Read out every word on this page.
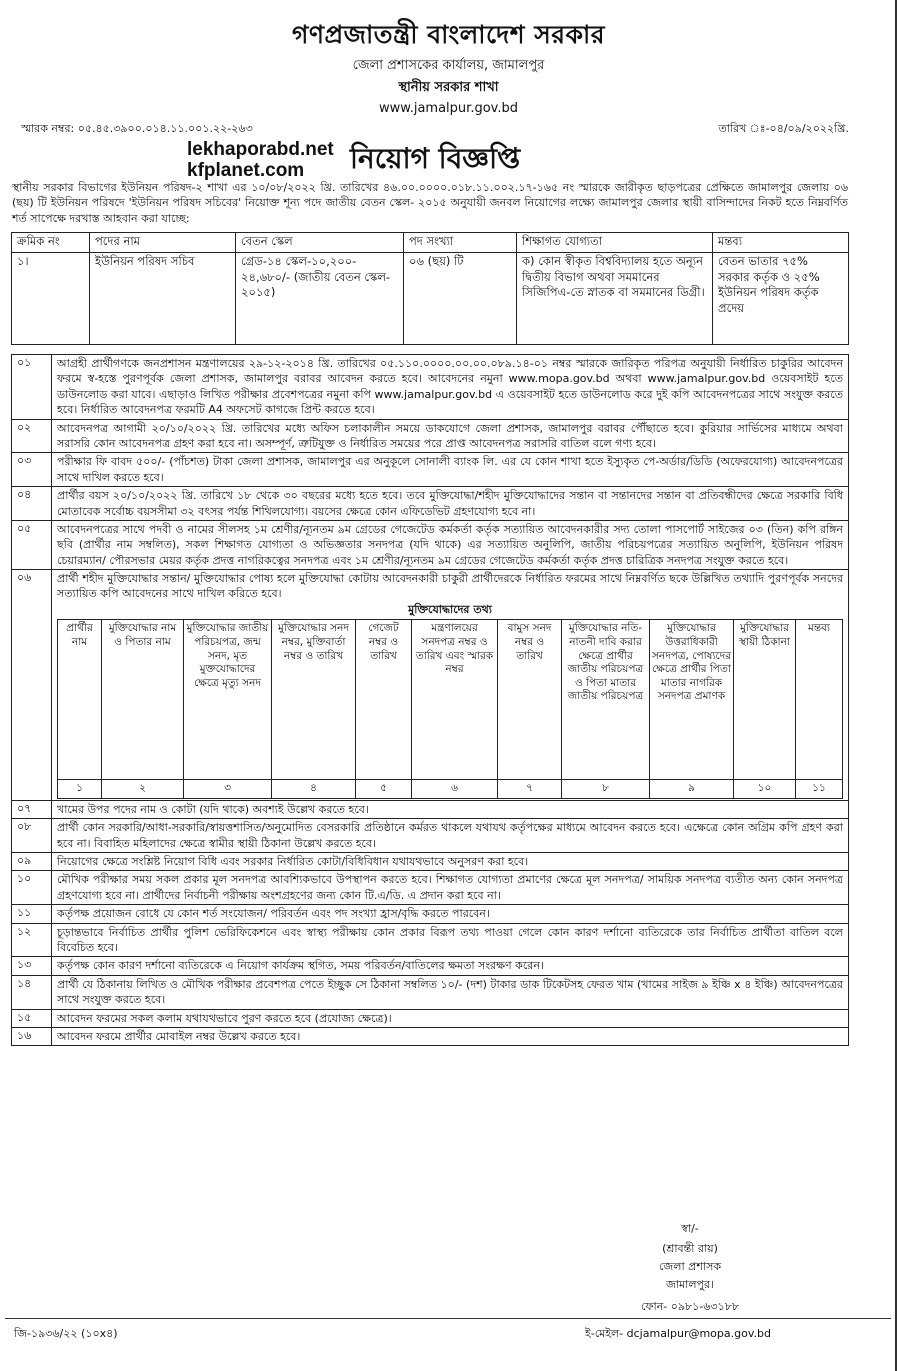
গণপ্রজাতন্ত্রী বাংলাদেশ সরকার
জেলা প্রশাসকের কার্যালয়, জামালপুর
স্থানীয় সরকার শাখা
www.jamalpur.gov.bd
স্মারক নম্বর: ০৫.৪৫.৩৯০০.০১৪.১১.০০১.২২-২৬৩	তারিখ ঃ-০৪/০৯/২০২২খ্রি.
lekhaporabd.net
kfplanet.com নিয়োগ বিজ্ঞপ্তি
স্থানীয় সরকার বিভাগের ইউনিয়ন পরিষদ-২ শাখা এর ১০/০৮/২০২২ খ্রি. তারিখের ৪৬.০০.০০০০.০১৮.১১.০০২.১৭-১৬৫ নং স্মারকে জারীকৃত ছাড়পত্রের প্রেক্ষিতে জামালপুর জেলায় ০৬ (ছয়) টি ইউনিয়ন পরিষদে 'ইউনিয়ন পরিষদ সচিবের' নিয়োক্ত শূন্য পদে জাতীয় বেতন স্কেল- ২০১৫ অনুযায়ী জনবল নিয়োগের লক্ষ্যে জামালপুর জেলার স্থায়ী বাসিন্দাদের নিকট হতে নিম্নবর্ণিত শর্ত সাপেক্ষে দরখাস্ত আহবান করা যাচ্ছে:
ক্রমিক নং	পদের নাম	বেতন স্কেল	পদ সংখ্যা	শিক্ষাগত যোগ্যতা	মন্তব্য
১।	ইউনিয়ন পরিষদ সচিব	গ্রেড-১৪ স্কেল-১০,২০০- ২৪,৬৮০/- (জাতীয় বেতন স্কেল- ২০১৫)	০৬ (ছয়) টি	ক) কোন স্বীকৃত বিশ্ববিদ্যালয় হতে অন্যূন দ্বিতীয় বিভাগ অথবা সমমানের সিজিপিএ-তে স্নাতক বা সমমানের ডিগ্রী।	বেতন ভাতার ৭৫% সরকার কর্তৃক ও ২৫% ইউনিয়ন পরিষদ কর্তৃক প্রদেয়
০১	আগ্রহী প্রার্থীগণকে জনপ্রশাসন মন্ত্রণালয়ের ২৯-১২-২০১৪ খ্রি. তারিখের ০৫.১১০.০০০০.০০.০০.০৮৯.১৪-০১ নম্বর স্মারকে জারিকৃত পরিপত্র অনুযায়ী নির্ধারিত চাকুরির আবেদন ফরমে স্ব-হস্তে পুরণপূর্বক জেলা প্রশাসক, জামালপুর বরাবর আবেদন করতে হবে। আবেদনের নমুনা www.mopa.gov.bd অথবা www.jamalpur.gov.bd ওয়েবসাইট হতে ডাউনলোড করা যাবে। এছাড়াও লিখিত পরীক্ষার প্রবেশপত্রের নমুনা কপি www.jamalpur.gov.bd এ ওয়েবসাইট হতে ডাউনলোড করে দুই কপি আবেদনপত্রের সাথে সংযুক্ত করতে হবে। নির্ধারিত আবেদনপত্র ফরমটি A4 অফসেট কাগজে প্রিন্ট করতে হবে।
০২	আবেদনপত্র আগামী ২০/১০/২০২২ খ্রি. তারিখের মধ্যে অফিস চলাকালীন সময়ে ডাকযোগে জেলা প্রশাসক, জামালপুর বরাবর পৌঁছাতে হবে। কুরিয়ার সার্ভিসের মাধ্যমে অথবা সরাসরি কোন আবেদনপত্র গ্রহণ করা হবে না। অসম্পূর্ণ, ত্রুটিযুক্ত ও নির্ধারিত সময়ের পরে প্রাপ্ত আবেদনপত্র সরাসরি বাতিল বলে গণ্য হবে।
০৩	পরীক্ষার ফি বাবদ ৫০০/- (পাঁচশত) টাকা জেলা প্রশাসক, জামালপুর এর অনুকূলে সোনালী ব্যাংক লি. এর যে কোন শাখা হতে ইস্যুকৃত পে-অর্ডার/ডিডি (অফেরযোগ্য) আবেদনপত্রের সাথে দাখিল করতে হবে।
০৪	প্রার্থীর বয়স ২০/১০/২০২২ খ্রি. তারিখে ১৮ থেকে ৩০ বছরের মধ্যে হতে হবে। তবে মুক্তিযোদ্ধা/শহীদ মুক্তিযোদ্ধাদের সন্তান বা সন্তানদের সন্তান বা প্রতিবন্ধীদের ক্ষেত্রে সরকারি বিধি মোতাবেক সর্বোচ্চ বয়সসীমা ৩২ বৎসর পর্যন্ত শিথিলযোগ্য। বয়সের ক্ষেত্রে কোন এফিডেভিট গ্রহণযোগ্য হবে না।
০৫	আবেদনপত্রের সাথে পদবী ও নামের সীলসহ ১ম শ্রেণীর/ন্যূনতম ৯ম গ্রেডের গেজেটেড কর্মকর্তা কর্তৃক সত্যায়িত আবেদনকারীর সদ্য তোলা পাসপোর্ট সাইজের ০৩ (তিন) কপি রঙ্গিন ছবি (প্রার্থীর নাম সম্বলিত), সকল শিক্ষাগত যোগ্যতা ও অভিজ্ঞতার সনদপত্র (যদি থাকে) এর সত্যায়িত অনুলিপি, জাতীয় পরিচয়পত্রের সত্যায়িত অনুলিপি, ইউনিয়ন পরিষদ চেয়ারম্যান/ পৌরসভার মেয়র কর্তৃক প্রদত্ত নাগরিকত্বের সনদপত্র এবং ১ম শ্রেণীর/ন্যূনতম ৯ম গ্রেডের গেজেটেড কর্মকর্তা কর্তৃক প্রদত্ত চারিত্রিক সনদপত্র সংযুক্ত করতে হবে।
০৬	প্রার্থী শহীদ মুক্তিযোদ্ধার সন্তান/ মুক্তিযোদ্ধার পোষ্য হলে মুক্তিযোদ্ধা কোটায় আবেদনকারী চাকুরী প্রার্থীদেরকে নির্ধারিত ফরমের সাথে নিম্নবর্ণিত ছকে উল্লিখিত তথ্যাদি পুরণপূর্বক সনদের সত্যায়িত কপি আবেদনের সাথে দাখিল করিতে হবে।
মুক্তিযোদ্ধাদের তথ্য
প্রার্থীর নাম	মুক্তিযোদ্ধার নাম ও পিতার নাম	মুক্তিযোদ্ধার জাতীয় পরিচয়পত্র, জন্ম সনদ, মৃত মুক্তযোদ্ধাদের ক্ষেত্রে মৃত্যু সনদ	মুক্তিযোদ্ধার সনদ নম্বর, মুক্তিবার্তা নম্বর ও তারিখ	গেজেট নম্বর ও তারিখ	মন্ত্রণালয়ের সনদপত্র নম্বর ও তারিখ এবং স্মারক নম্বর	বামুস সনদ নম্বর ও তারিখ	মুক্তিযোদ্ধার নতি-নাতনী দাবি করার ক্ষেত্রে প্রার্থীর জাতীয় পরিচয়পত্র ও পিতা মাতার জাতীয় পরিচয়পত্র	মুক্তিযোদ্ধার উত্তরাধিকারী সনদপত্র, পোষ্যদের ক্ষেত্রে প্রার্থীর পিতা মাতার নাগরিক সনদপত্র প্রমাণক	মুক্তিযোদ্ধার স্থায়ী ঠিকানা	মন্তব্য
১	২	৩	৪	৫	৬	৭	৮	৯	১০	১১

০৭	খামের উপর পদের নাম ও কোটা (যদি থাকে) অবশ্যই উল্লেখ করতে হবে।
০৮	প্রার্থী কোন সরকারি/আধা-সরকারি/স্বায়ত্তশাসিত/অনুমোদিত বেসরকারি প্রতিষ্ঠানে কর্মরত থাকলে যথাযথ কর্তৃপক্ষের মাধ্যমে আবেদন করতে হবে। এক্ষেত্রে কোন অগ্রিম কপি গ্রহণ করা হবে না। বিবাহিত মহিলাদের ক্ষেত্রে স্বামীর স্থায়ী ঠিকানা উল্লেখ করতে হবে।
০৯	নিয়োগের ক্ষেত্রে সংশ্লিষ্ট নিয়োগ বিধি এবং সরকার নির্ধারিত কোটা/বিধিবিধান যথাযথভাবে অনুসরণ করা হবে।
১০	মৌখিক পরীক্ষার সময় সকল প্রকার মূল সনদপত্র আবশ্যিকভাবে উপস্থাপন করতে হবে। শিক্ষাগত যোগ্যতা প্রমাণের ক্ষেত্রে মূল সনদপত্র/ সাময়িক সনদপত্র ব্যতীত অন্য কোন সনদপত্র গ্রহণযোগ্য হবে না। প্রার্থীদের নির্বাচনী পরীক্ষায় অংশগ্রহণের জন্য কোন টি.এ/ডি. এ প্রদান করা হবে না।
১১	কর্তৃপক্ষ প্রয়োজন বোধে যে কোন শর্ত সংযোজন/ পরিবর্তন এবং পদ সংখ্যা হ্রাস/বৃদ্ধি করতে পারবেন।
১২	চূড়ান্তভাবে নির্বাচিত প্রার্থীর পুলিশ ভেরিফিকেশনে এবং স্বাস্থ্য পরীক্ষায় কোন প্রকার বিরূপ তথ্য পাওয়া গেলে কোন কারণ দর্শানো ব্যতিরেকে তার নির্বাচিত প্রার্থীতা বাতিল বলে বিবেচিত হবে।
১৩	কর্তৃপক্ষ কোন কারণ দর্শানো ব্যতিরেকে এ নিয়োগ কার্যক্রম স্থগিত, সময় পরিবর্তন/বাতিলের ক্ষমতা সংরক্ষণ করেন।
১৪	প্রার্থী যে ঠিকানায় লিখিত ও মৌখিক পরীক্ষার প্রবেশপত্র পেতে ইচ্ছুক সে ঠিকানা সম্বলিত ১০/- (দশ) টাকার ডাক টিকেটসহ ফেরত খাম (খামের সাইজ ৯ ইঞ্চি x ৪ ইঞ্চি) আবেদনপত্রের সাথে সংযুক্ত করতে হবে।
১৫	আবেদন ফরমের সকল কলাম যথাযথভাবে পুরণ করতে হবে (প্রযোজ্য ক্ষেত্রে)।
১৬	আবেদন ফরমে প্রার্থীর মোবাইল নম্বর উল্লেখ করতে হবে।
স্বা/-
(শ্রাবন্তী রায়)
জেলা প্রশাসক
জামালপুর।
ফোন- ০৯৮১-৬৩১৮৮
জি-১৯৩৬/২২ (১০x৪)	ই-মেইল- dcjamalpur@mopa.gov.bd
